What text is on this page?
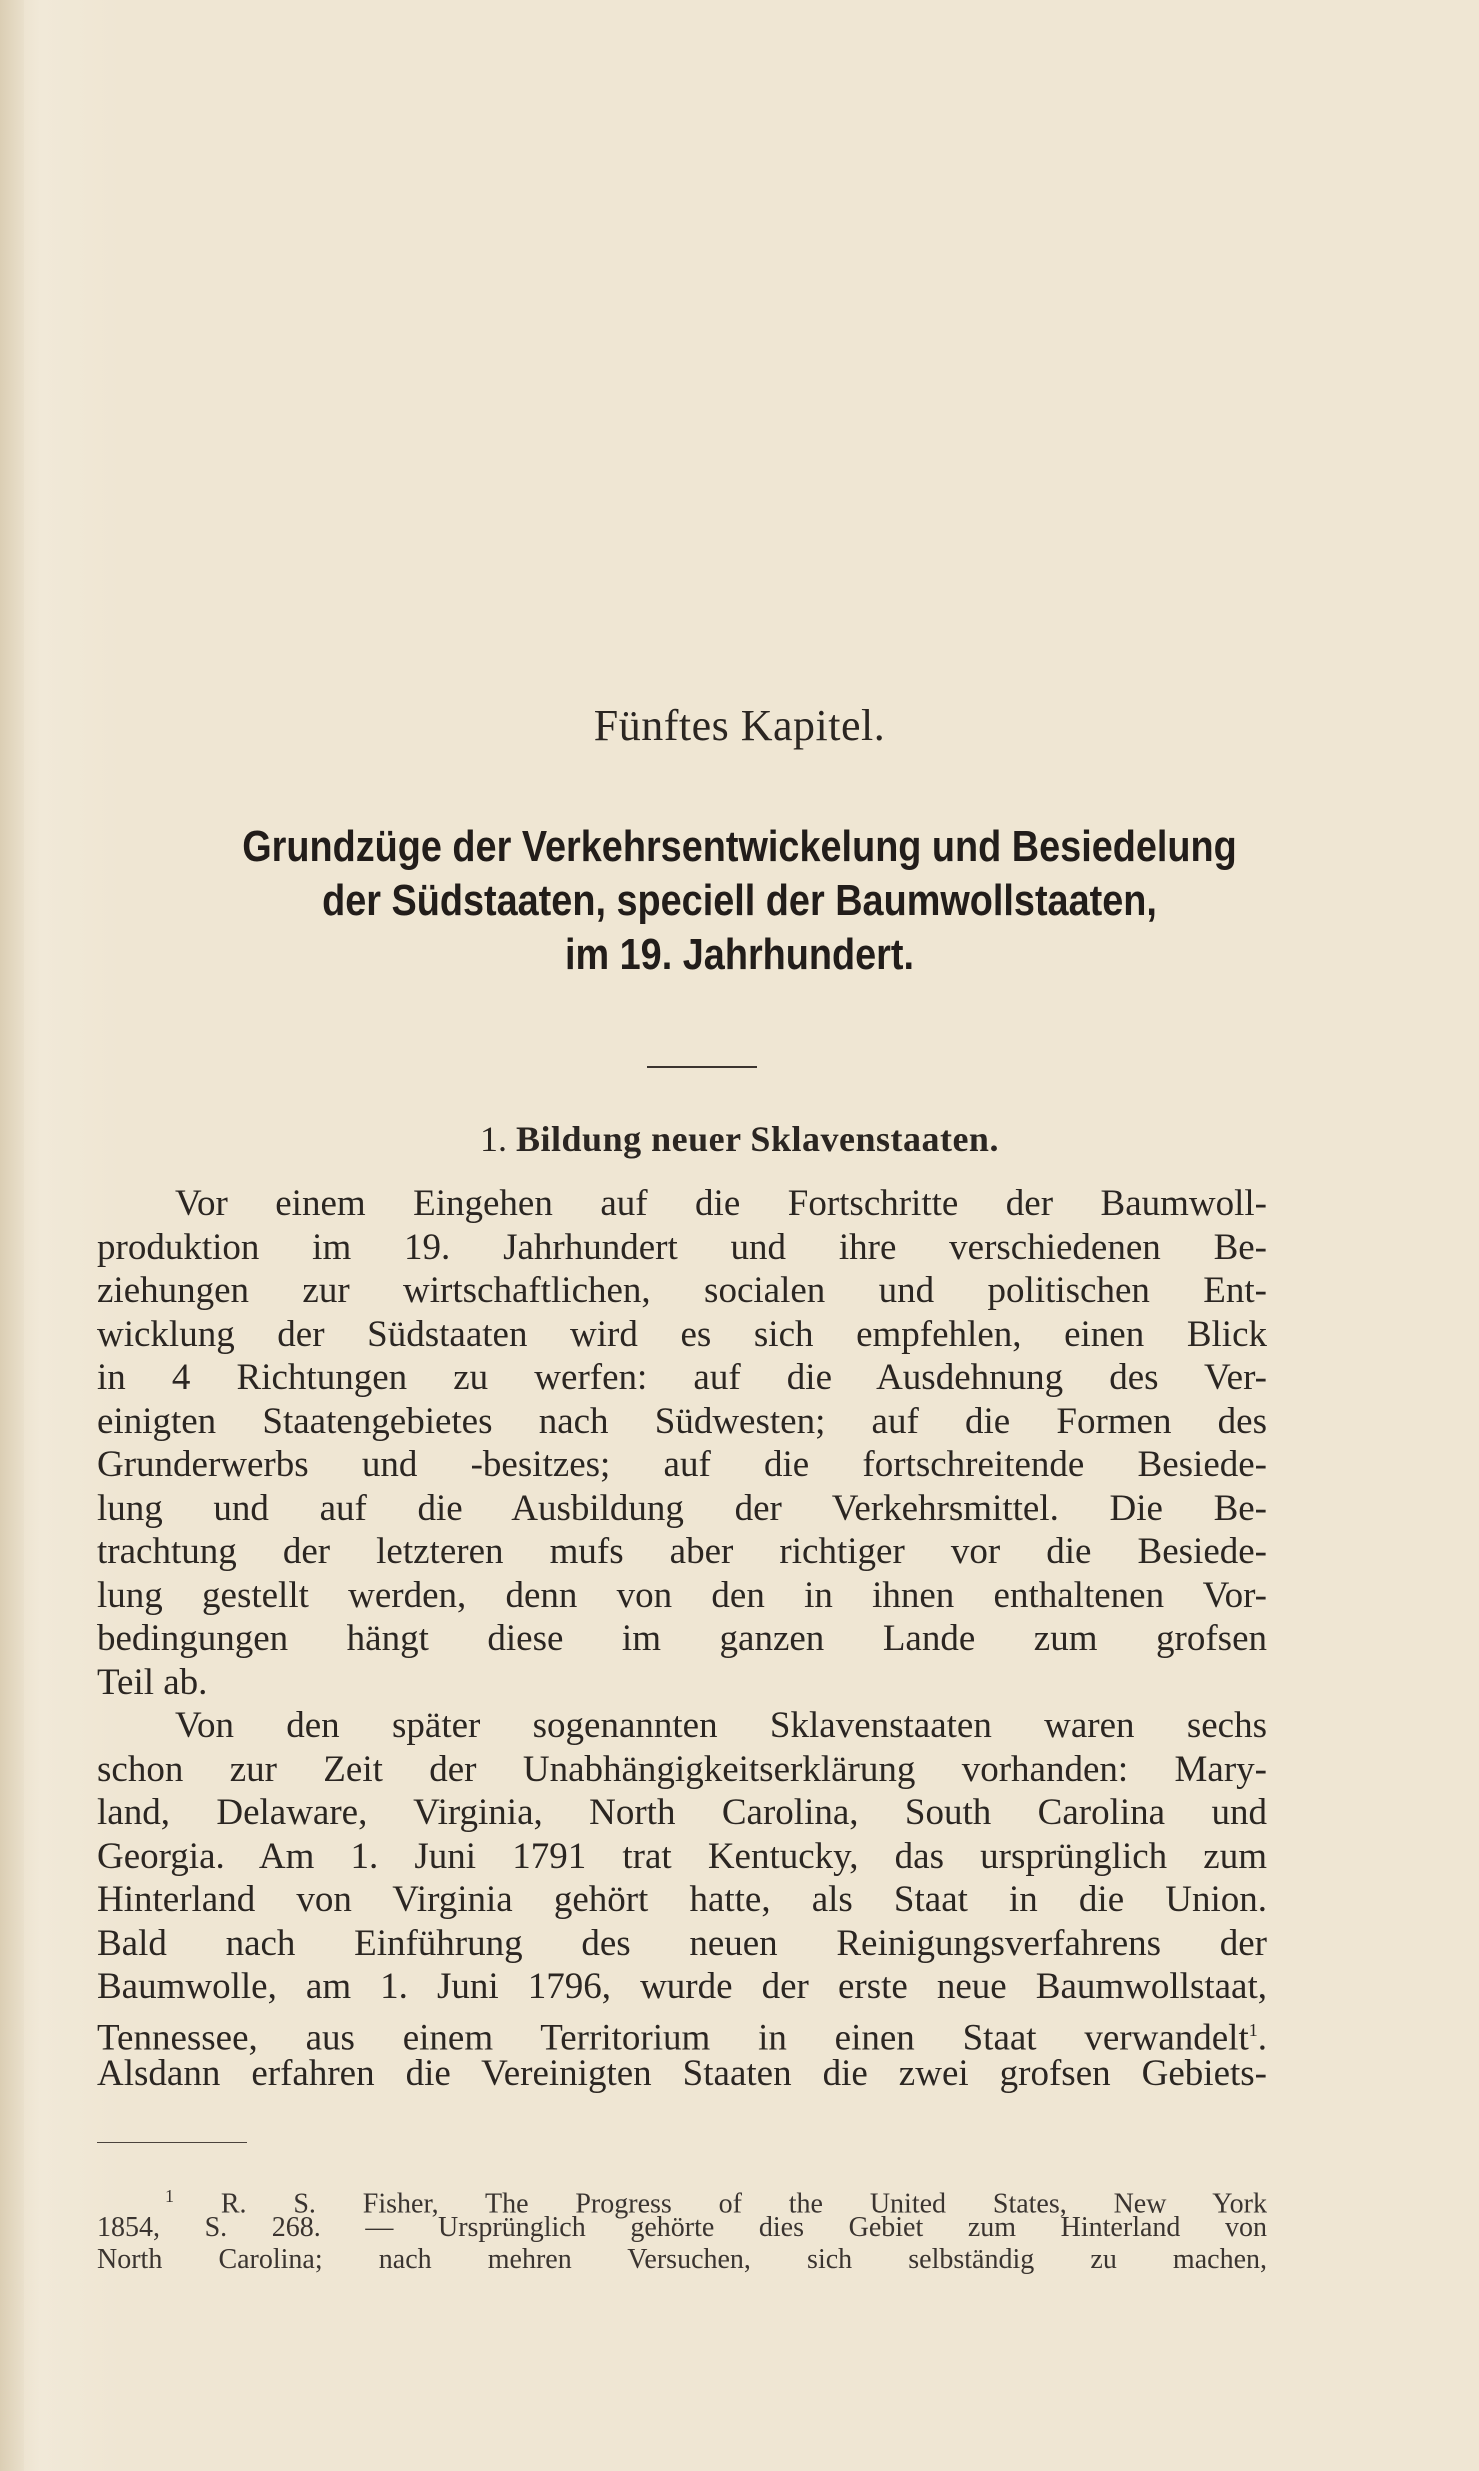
Fünftes Kapitel.
Grundzüge der Verkehrsentwickelung und Besiedelung
der Südstaaten, speciell der Baumwollstaaten,
im 19. Jahrhundert.
1. Bildung neuer Sklavenstaaten.
Vor einem Eingehen auf die Fortschritte der Baumwoll-
produktion im 19. Jahrhundert und ihre verschiedenen Be-
ziehungen zur wirtschaftlichen, socialen und politischen Ent-
wicklung der Südstaaten wird es sich empfehlen, einen Blick
in 4 Richtungen zu werfen: auf die Ausdehnung des Ver-
einigten Staatengebietes nach Südwesten; auf die Formen des
Grunderwerbs und -besitzes; auf die fortschreitende Besiede-
lung und auf die Ausbildung der Verkehrsmittel. Die Be-
trachtung der letzteren mufs aber richtiger vor die Besiede-
lung gestellt werden, denn von den in ihnen enthaltenen Vor-
bedingungen hängt diese im ganzen Lande zum grofsen
Teil ab.
Von den später sogenannten Sklavenstaaten waren sechs
schon zur Zeit der Unabhängigkeitserklärung vorhanden: Mary-
land, Delaware, Virginia, North Carolina, South Carolina und
Georgia. Am 1. Juni 1791 trat Kentucky, das ursprünglich zum
Hinterland von Virginia gehört hatte, als Staat in die Union.
Bald nach Einführung des neuen Reinigungsverfahrens der
Baumwolle, am 1. Juni 1796, wurde der erste neue Baumwollstaat,
Tennessee, aus einem Territorium in einen Staat verwandelt$^1$.
Alsdann erfahren die Vereinigten Staaten die zwei grofsen Gebiets-
$^1$ R. S. Fisher, The Progress of the United States, New York
1854, S. 268. — Ursprünglich gehörte dies Gebiet zum Hinterland von
North Carolina; nach mehren Versuchen, sich selbständig zu machen,
